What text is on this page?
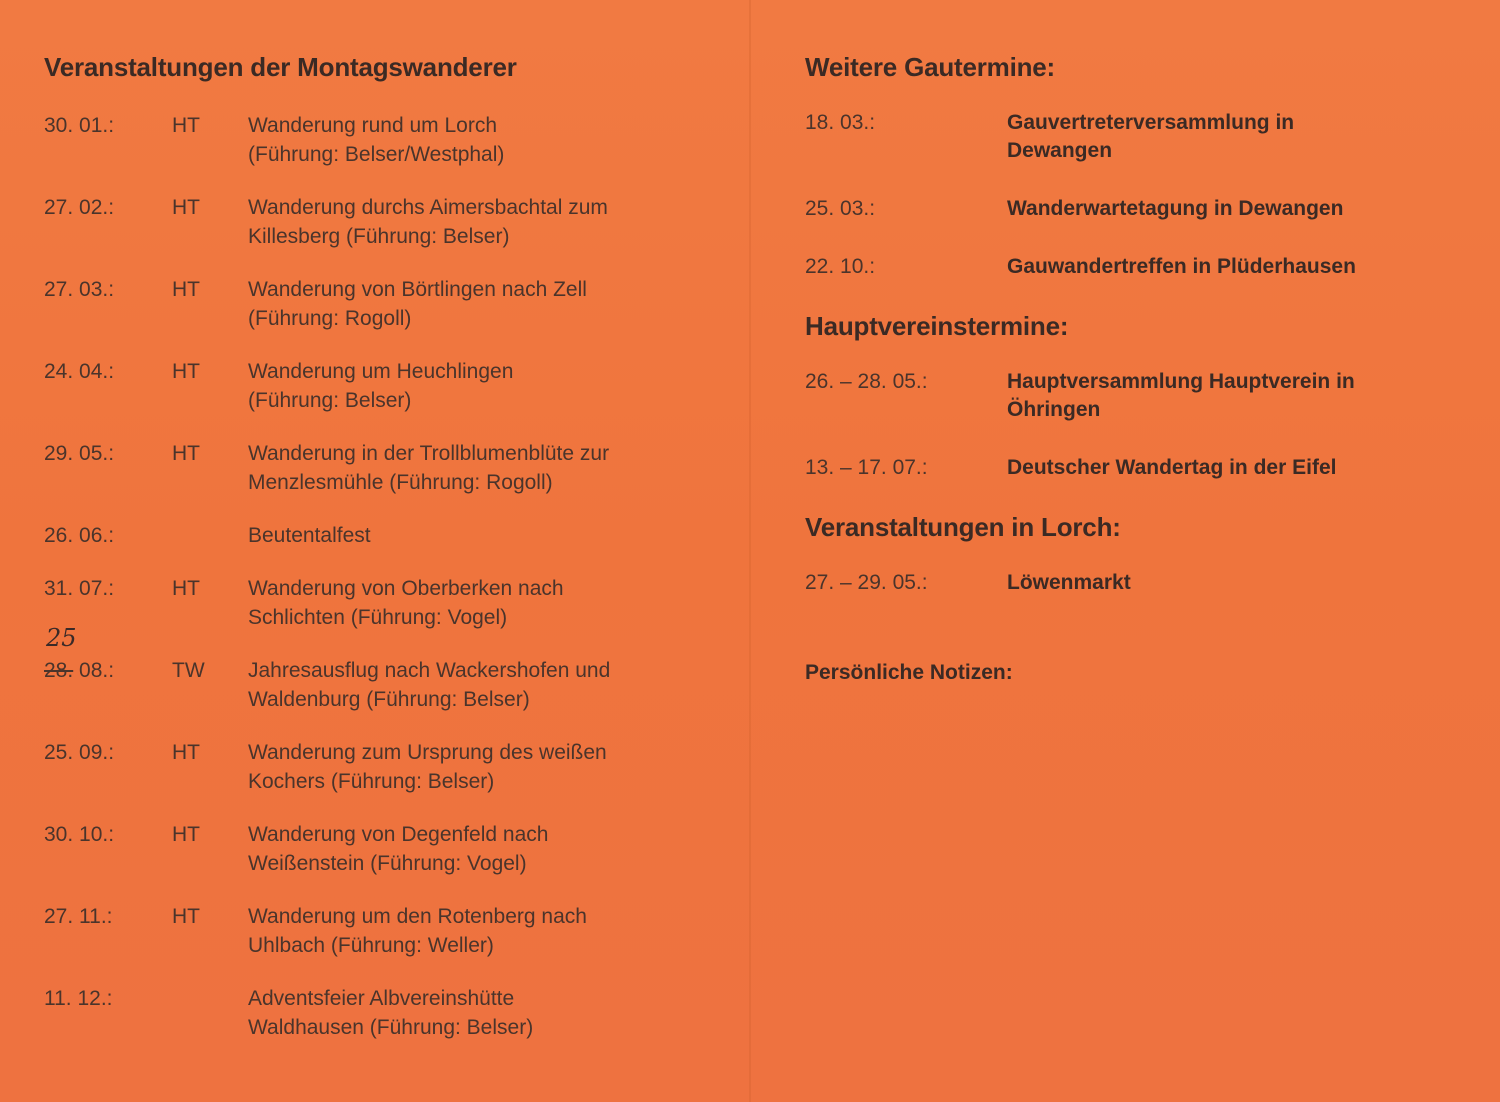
Veranstaltungen der Montagswanderer
30. 01.:	HT	Wanderung rund um Lorch
(Führung: Belser/Westphal)
27. 02.:	HT	Wanderung durchs Aimersbachtal zum
Killesberg (Führung: Belser)
27. 03.:	HT	Wanderung von Börtlingen nach Zell
(Führung: Rogoll)
24. 04.:	HT	Wanderung um Heuchlingen
(Führung: Belser)
29. 05.:	HT	Wanderung in der Trollblumenblüte zur
Menzlesmühle (Führung: Rogoll)
26. 06.:	Beutentalfest
31. 07.:	HT	Wanderung von Oberberken nach
Schlichten (Führung: Vogel)
25
28. 08.:	TW	Jahresausflug nach Wackershofen und
Waldenburg (Führung: Belser)
25. 09.:	HT	Wanderung zum Ursprung des weißen
Kochers (Führung: Belser)
30. 10.:	HT	Wanderung von Degenfeld nach
Weißenstein (Führung: Vogel)
27. 11.:	HT	Wanderung um den Rotenberg nach
Uhlbach (Führung: Weller)
11. 12.:	Adventsfeier Albvereinshütte
Waldhausen (Führung: Belser)
Weitere Gautermine:
18. 03.:	Gauvertreterversammlung in
Dewangen
25. 03.:	Wanderwartetagung in Dewangen
22. 10.:	Gauwandertreffen in Plüderhausen
Hauptvereinstermine:
26. – 28. 05.:	Hauptversammlung Hauptverein in
Öhringen
13. – 17. 07.:	Deutscher Wandertag in der Eifel
Veranstaltungen in Lorch:
27. – 29. 05.:	Löwenmarkt
Persönliche Notizen:
